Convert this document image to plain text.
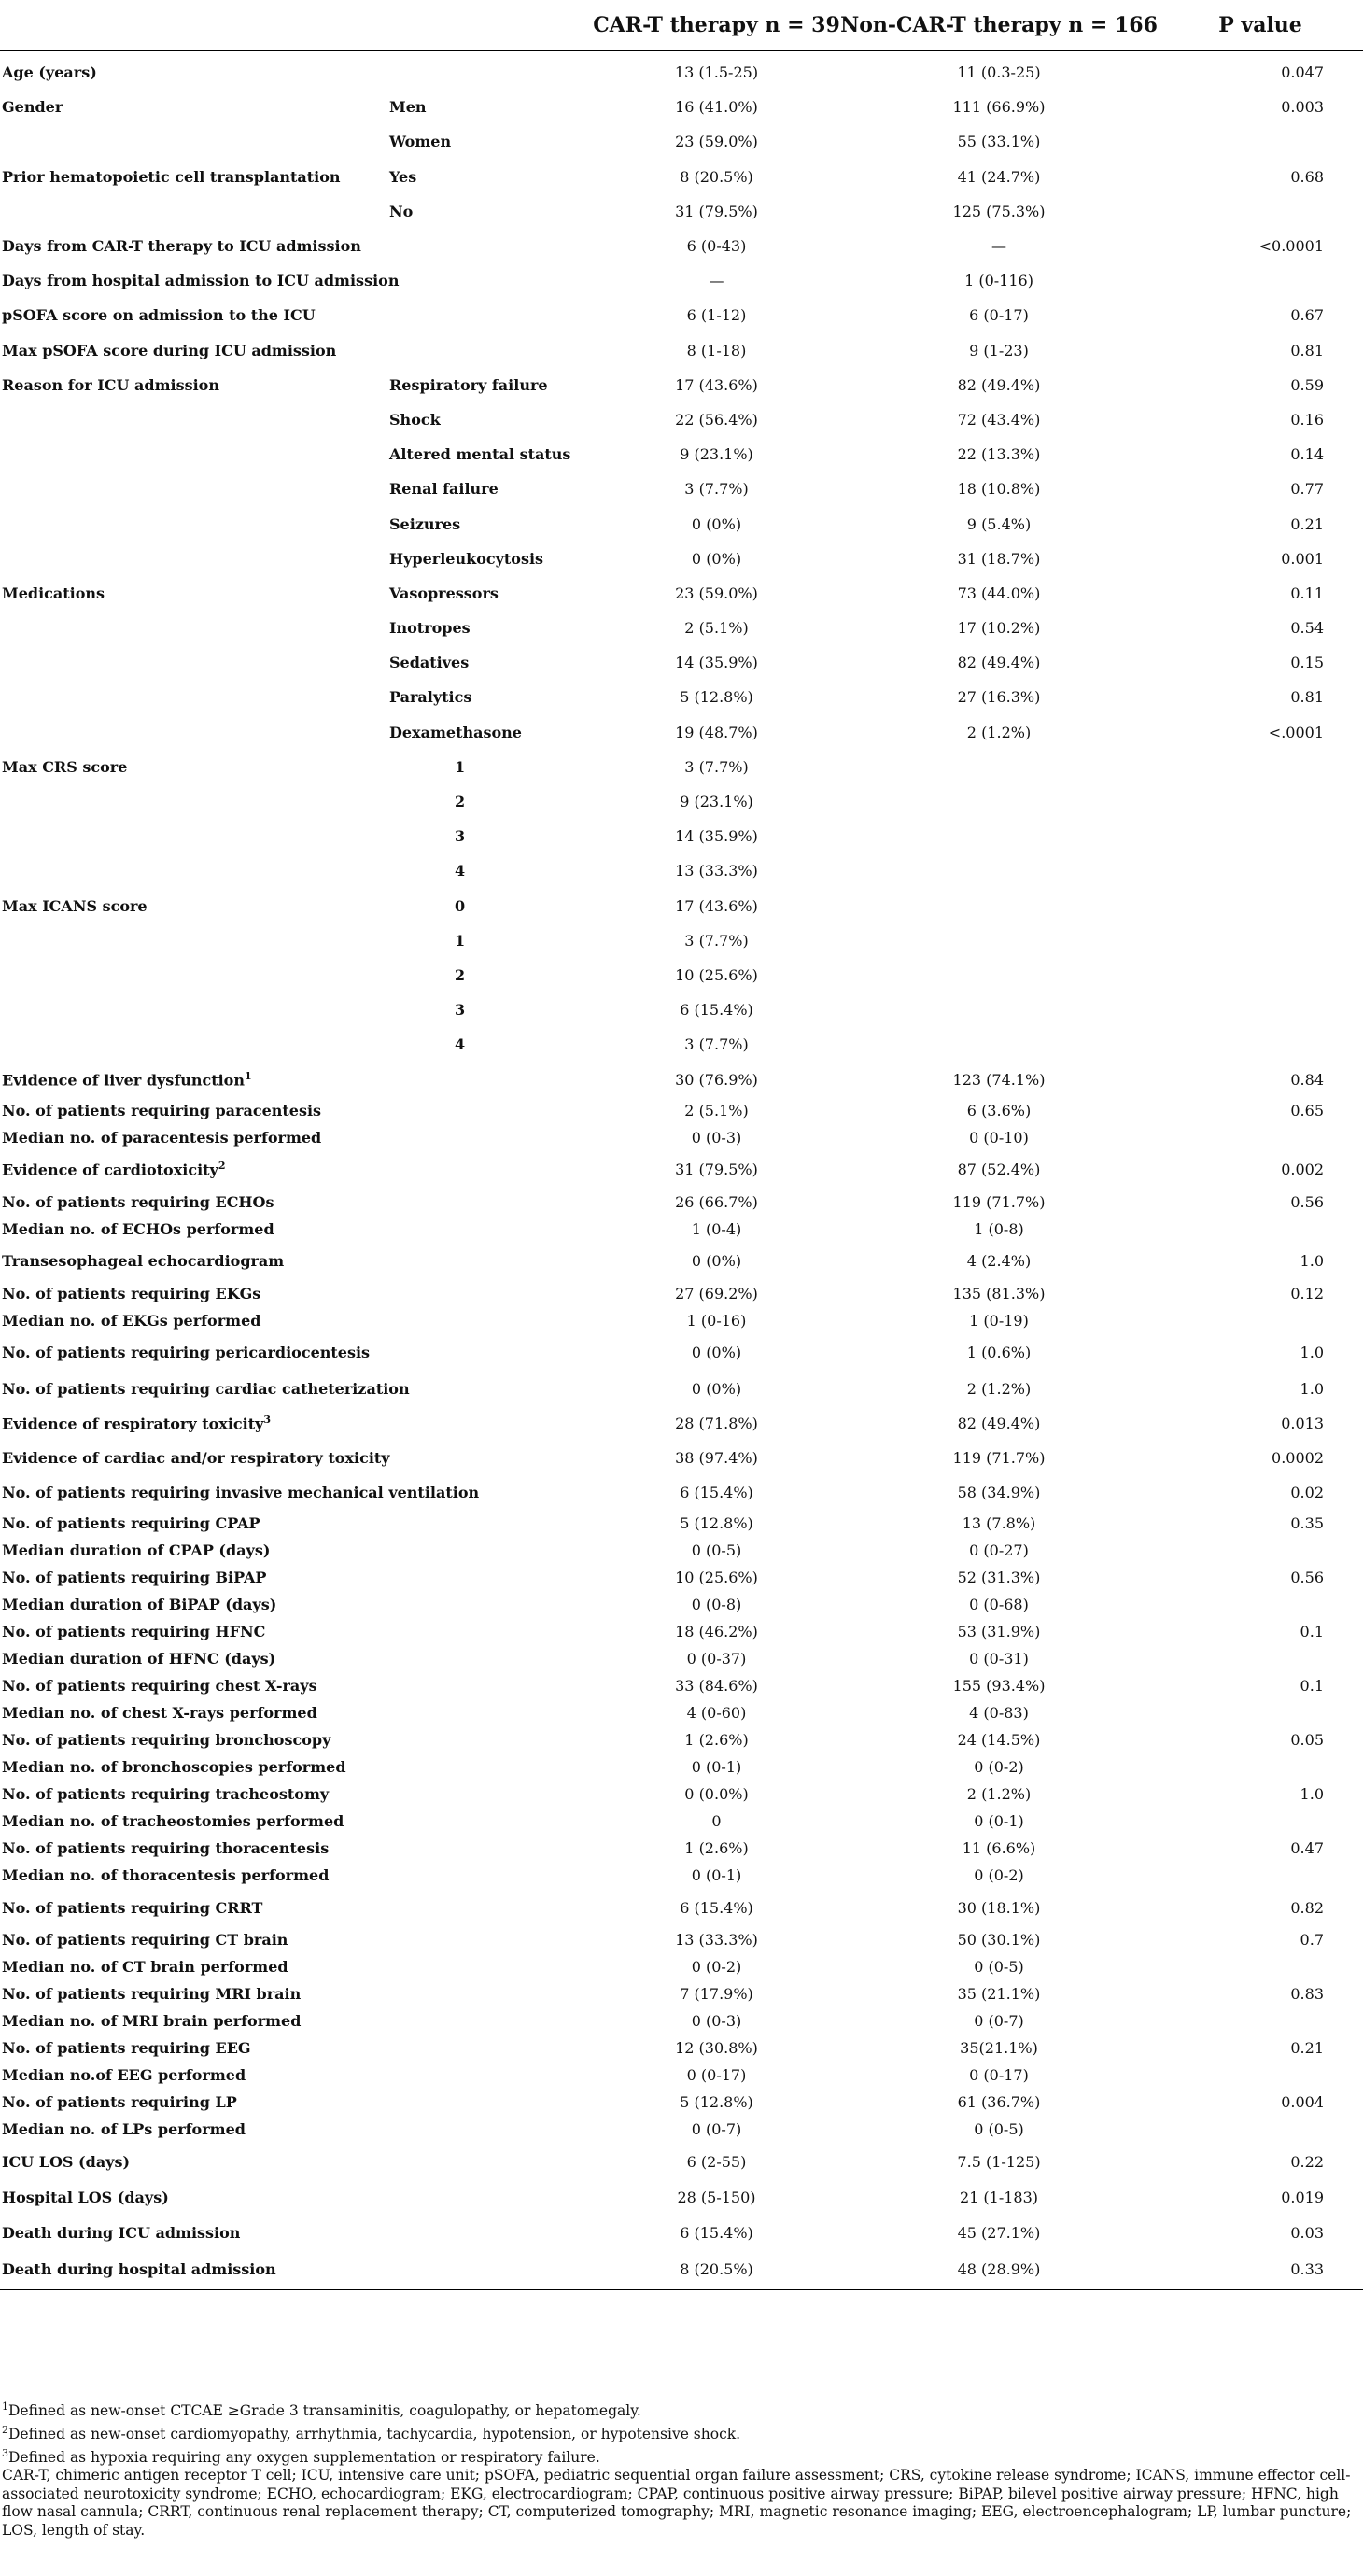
		CAR-T therapy n = 39	Non-CAR-T therapy n = 166	P value
Age (years)		13 (1.5-25)	11 (0.3-25)	0.047
Gender	Men	16 (41.0%)	111 (66.9%)	0.003
	Women	23 (59.0%)	55 (33.1%)	
Prior hematopoietic cell transplantation	Yes	8 (20.5%)	41 (24.7%)	0.68
	No	31 (79.5%)	125 (75.3%)	
Days from CAR-T therapy to ICU admission		6 (0-43)	—	<0.0001
Days from hospital admission to ICU admission		—	1 (0-116)	
pSOFA score on admission to the ICU		6 (1-12)	6 (0-17)	0.67
Max pSOFA score during ICU admission		8 (1-18)	9 (1-23)	0.81
Reason for ICU admission	Respiratory failure	17 (43.6%)	82 (49.4%)	0.59
	Shock	22 (56.4%)	72 (43.4%)	0.16
	Altered mental status	9 (23.1%)	22 (13.3%)	0.14
	Renal failure	3 (7.7%)	18 (10.8%)	0.77
	Seizures	0 (0%)	9 (5.4%)	0.21
	Hyperleukocytosis	0 (0%)	31 (18.7%)	0.001
Medications	Vasopressors	23 (59.0%)	73 (44.0%)	0.11
	Inotropes	2 (5.1%)	17 (10.2%)	0.54
	Sedatives	14 (35.9%)	82 (49.4%)	0.15
	Paralytics	5 (12.8%)	27 (16.3%)	0.81
	Dexamethasone	19 (48.7%)	2 (1.2%)	<.0001
Max CRS score	1	3 (7.7%)		
	2	9 (23.1%)		
	3	14 (35.9%)		
	4	13 (33.3%)		
Max ICANS score	0	17 (43.6%)		
	1	3 (7.7%)		
	2	10 (25.6%)		
	3	6 (15.4%)		
	4	3 (7.7%)		
Evidence of liver dysfunction$^1$		30 (76.9%)	123 (74.1%)	0.84
No. of patients requiring paracentesis		2 (5.1%)	6 (3.6%)	0.65
Median no. of paracentesis performed		0 (0-3)	0 (0-10)	
Evidence of cardiotoxicity$^2$		31 (79.5%)	87 (52.4%)	0.002
No. of patients requiring ECHOs		26 (66.7%)	119 (71.7%)	0.56
Median no. of ECHOs performed		1 (0-4)	1 (0-8)	
Transesophageal echocardiogram		0 (0%)	4 (2.4%)	1.0
No. of patients requiring EKGs		27 (69.2%)	135 (81.3%)	0.12
Median no. of EKGs performed		1 (0-16)	1 (0-19)	
No. of patients requiring pericardiocentesis		0 (0%)	1 (0.6%)	1.0
No. of patients requiring cardiac catheterization		0 (0%)	2 (1.2%)	1.0
Evidence of respiratory toxicity$^3$		28 (71.8%)	82 (49.4%)	0.013
Evidence of cardiac and/or respiratory toxicity		38 (97.4%)	119 (71.7%)	0.0002
No. of patients requiring invasive mechanical ventilation		6 (15.4%)	58 (34.9%)	0.02
No. of patients requiring CPAP		5 (12.8%)	13 (7.8%)	0.35
Median duration of CPAP (days)		0 (0-5)	0 (0-27)	
No. of patients requiring BiPAP		10 (25.6%)	52 (31.3%)	0.56
Median duration of BiPAP (days)		0 (0-8)	0 (0-68)	
No. of patients requiring HFNC		18 (46.2%)	53 (31.9%)	0.1
Median duration of HFNC (days)		0 (0-37)	0 (0-31)	
No. of patients requiring chest X-rays		33 (84.6%)	155 (93.4%)	0.1
Median no. of chest X-rays performed		4 (0-60)	4 (0-83)	
No. of patients requiring bronchoscopy		1 (2.6%)	24 (14.5%)	0.05
Median no. of bronchoscopies performed		0 (0-1)	0 (0-2)	
No. of patients requiring tracheostomy		0 (0.0%)	2 (1.2%)	1.0
Median no. of tracheostomies performed		0	0 (0-1)	
No. of patients requiring thoracentesis		1 (2.6%)	11 (6.6%)	0.47
Median no. of thoracentesis performed		0 (0-1)	0 (0-2)	
No. of patients requiring CRRT		6 (15.4%)	30 (18.1%)	0.82
No. of patients requiring CT brain		13 (33.3%)	50 (30.1%)	0.7
Median no. of CT brain performed		0 (0-2)	0 (0-5)	
No. of patients requiring MRI brain		7 (17.9%)	35 (21.1%)	0.83
Median no. of MRI brain performed		0 (0-3)	0 (0-7)	
No. of patients requiring EEG		12 (30.8%)	35(21.1%)	0.21
Median no.of EEG performed		0 (0-17)	0 (0-17)	
No. of patients requiring LP		5 (12.8%)	61 (36.7%)	0.004
Median no. of LPs performed		0 (0-7)	0 (0-5)	
ICU LOS (days)		6 (2-55)	7.5 (1-125)	0.22
Hospital LOS (days)		28 (5-150)	21 (1-183)	0.019
Death during ICU admission		6 (15.4%)	45 (27.1%)	0.03
Death during hospital admission		8 (20.5%)	48 (28.9%)	0.33

$^1$Defined as new-onset CTCAE ≥Grade 3 transaminitis, coagulopathy, or hepatomegaly.

$^2$Defined as new-onset cardiomyopathy, arrhythmia, tachycardia, hypotension, or hypotensive shock.

$^3$Defined as hypoxia requiring any oxygen supplementation or respiratory failure.

CAR-T, chimeric antigen receptor T cell; ICU, intensive care unit; pSOFA, pediatric sequential organ failure assessment; CRS, cytokine release syndrome; ICANS, immune effector cell-associated neurotoxicity syndrome; ECHO, echocardiogram; EKG, electrocardiogram; CPAP, continuous positive airway pressure; BiPAP, bilevel positive airway pressure; HFNC, high flow nasal cannula; CRRT, continuous renal replacement therapy; CT, computerized tomography; MRI, magnetic resonance imaging; EEG, electroencephalogram; LP, lumbar puncture; LOS, length of stay.
